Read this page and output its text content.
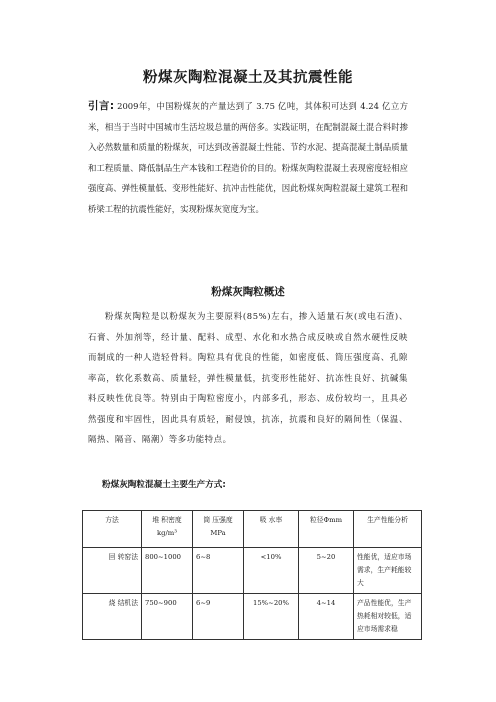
粉煤灰陶粒混凝土及其抗震性能

引言: 2009年，中国粉煤灰的产量达到了 3.75 亿吨，其体积可达到 4.24 亿立方米，相当于当时中国城市生活垃圾总量的两倍多。实践证明，在配制混凝土混合料时掺入必然数量和质量的粉煤灰，可达到改善混凝土性能、节约水泥、提高混凝土制品质量和工程质量、降低制品生产本钱和工程造价的目的。粉煤灰陶粒混凝土表现密度轻相应强度高、弹性模量低、变形性能好、抗冲击性能优，因此粉煤灰陶粒混凝土建筑工程和桥梁工程的抗震性能好，实现粉煤灰宽度为宝。

粉煤灰陶粒概述

粉煤灰陶粒是以粉煤灰为主要原料(85%)左右，掺入适量石灰(或电石渣)、石膏、外加剂等，经计量、配料、成型、水化和水热合成反映或自然水硬性反映而制成的一种人造轻骨料。陶粒具有优良的性能，如密度低、筒压强度高、孔隙率高，软化系数高、质量轻，弹性模量低，抗变形性能好、抗冻性良好、抗碱集料反映性优良等。特别由于陶粒密度小，内部多孔，形态、成份较均一，且具必然强度和牢固性，因此具有质轻，耐侵蚀，抗冻，抗震和良好的隔间性（保温、隔热、隔音、隔潮）等多功能特点。

粉煤灰陶粒混凝土主要生产方式:
方法	堆 积密度 kg/m³	筒 压强度 MPa	吸 水率	粒径Φmm	生产性能分析
回 转窑法	800~1000	6~8	<10%	5~20	性能优，适应市场需求，生产耗能较大
烧 结机法	750~900	6~9	15%~20%	4~14	产品性能优，生产热耗相对较低，适应市场需求稳
